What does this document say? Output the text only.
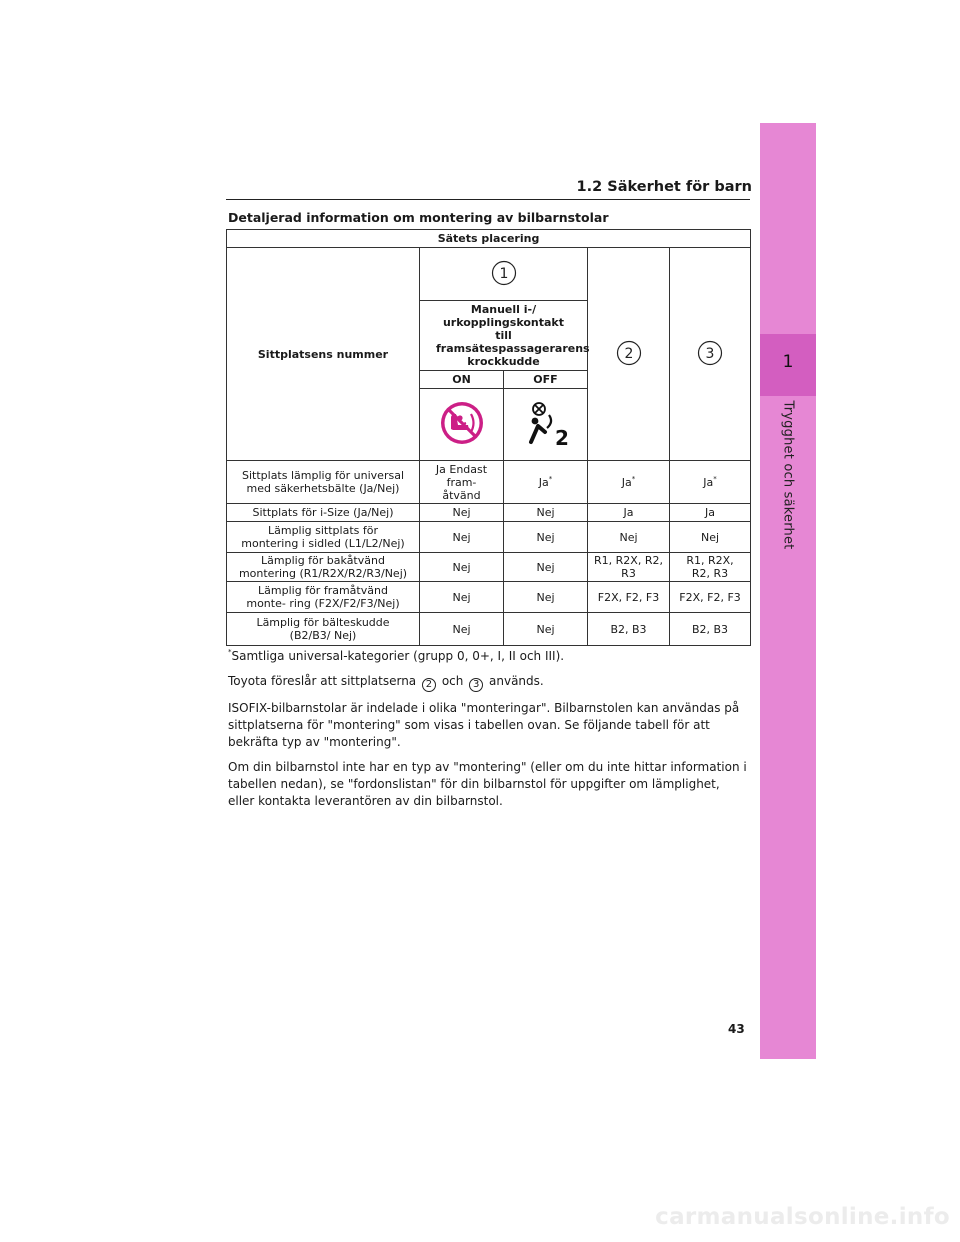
1
Trygghet och säkerhet
1.2 Säkerhet för barn
Detaljerad information om montering av bilbarnstolar
Sätets placering				
Sittplatsens nummer	1		2	3

	Manuell i-/ urkopplingskontakt till framsätespassagerarens krockkudde			
	ON	OFF		

2		

Sittplats lämplig för universal med säkerhetsbälte (Ja/Nej)	Ja Endast fram- åtvänd	Ja*	Ja*	Ja*
Sittplats för i-Size (Ja/Nej)	Nej	Nej	Ja	Ja
Lämplig sittplats för montering i sidled (L1/L2/Nej)	Nej	Nej	Nej	Nej
Lämplig för bakåtvänd montering (R1/R2X/R2/R3/Nej)	Nej	Nej	R1, R2X, R2, R3	R1, R2X, R2, R3
Lämplig för framåtvänd monte- ring (F2X/F2/F3/Nej)	Nej	Nej	F2X, F2, F3	F2X, F2, F3
Lämplig för bälteskudde (B2/B3/ Nej)	Nej	Nej	B2, B3	B2, B3

*Samtliga universal-kategorier (grupp 0, 0+, I, II och III).

Toyota föreslår att sittplatserna 2 och 3 används.

ISOFIX-bilbarnstolar är indelade i olika "monteringar". Bilbarnstolen kan användas på sittplatserna för "montering" som visas i tabellen ovan. Se följande tabell för att bekräfta typ av "montering".

Om din bilbarnstol inte har en typ av "montering" (eller om du inte hittar information i tabellen nedan), se "fordonslistan" för din bilbarnstol för uppgifter om lämplighet, eller kontakta leverantören av din bilbarnstol.

43
carmanualsonline.info
